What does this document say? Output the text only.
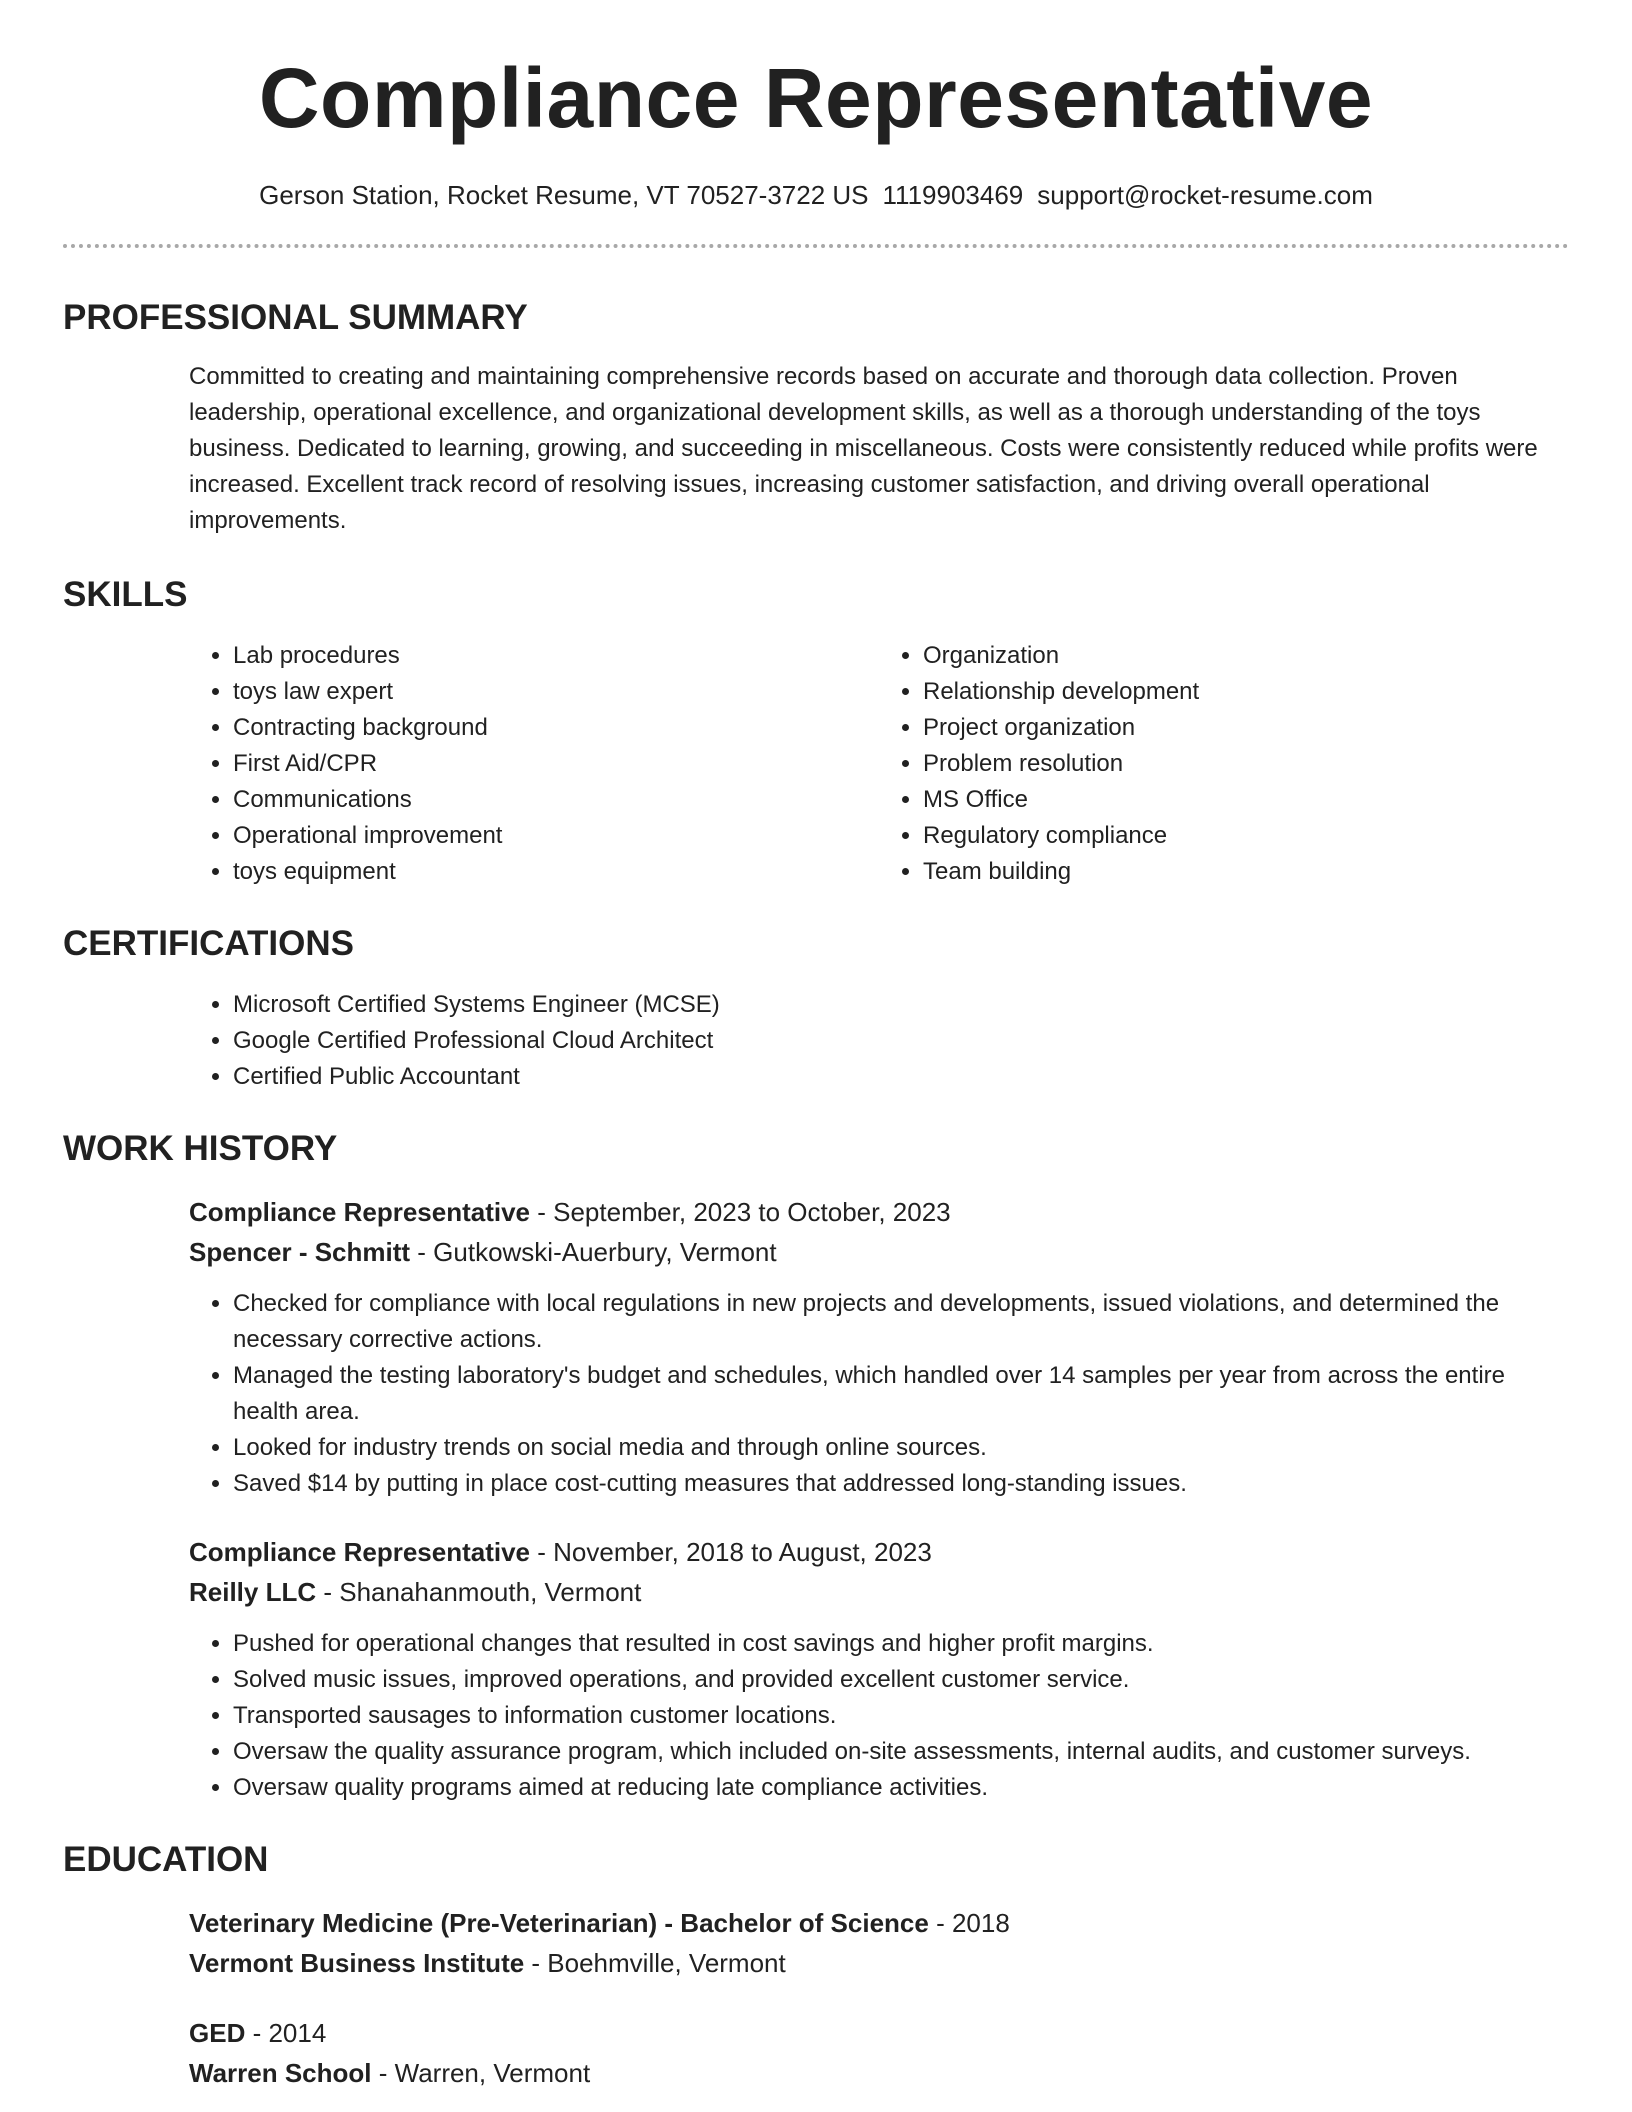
Compliance Representative
Gerson Station, Rocket Resume, VT 70527-3722 US 1119903469 support@rocket-resume.com
PROFESSIONAL SUMMARY

Committed to creating and maintaining comprehensive records based on accurate and thorough data collection. Proven leadership, operational excellence, and organizational development skills, as well as a thorough understanding of the toys business. Dedicated to learning, growing, and succeeding in miscellaneous. Costs were consistently reduced while profits were increased. Excellent track record of resolving issues, increasing customer satisfaction, and driving overall operational improvements.

SKILLS
• Lab procedures
• toys law expert
• Contracting background
• First Aid/CPR
• Communications
• Operational improvement
• toys equipment
• Organization
• Relationship development
• Project organization
• Problem resolution
• MS Office
• Regulatory compliance
• Team building
CERTIFICATIONS
• Microsoft Certified Systems Engineer (MCSE)
• Google Certified Professional Cloud Architect
• Certified Public Accountant
WORK HISTORY
Compliance Representative - September, 2023 to October, 2023
Spencer - Schmitt - Gutkowski-Auerbury, Vermont
• Checked for compliance with local regulations in new projects and developments, issued violations, and determined the necessary corrective actions.
• Managed the testing laboratory's budget and schedules, which handled over 14 samples per year from across the entire health area.
• Looked for industry trends on social media and through online sources.
• Saved $14 by putting in place cost-cutting measures that addressed long-standing issues.
Compliance Representative - November, 2018 to August, 2023
Reilly LLC - Shanahanmouth, Vermont
• Pushed for operational changes that resulted in cost savings and higher profit margins.
• Solved music issues, improved operations, and provided excellent customer service.
• Transported sausages to information customer locations.
• Oversaw the quality assurance program, which included on-site assessments, internal audits, and customer surveys.
• Oversaw quality programs aimed at reducing late compliance activities.
EDUCATION
Veterinary Medicine (Pre-Veterinarian) - Bachelor of Science - 2018
Vermont Business Institute - Boehmville, Vermont
GED - 2014
Warren School - Warren, Vermont
